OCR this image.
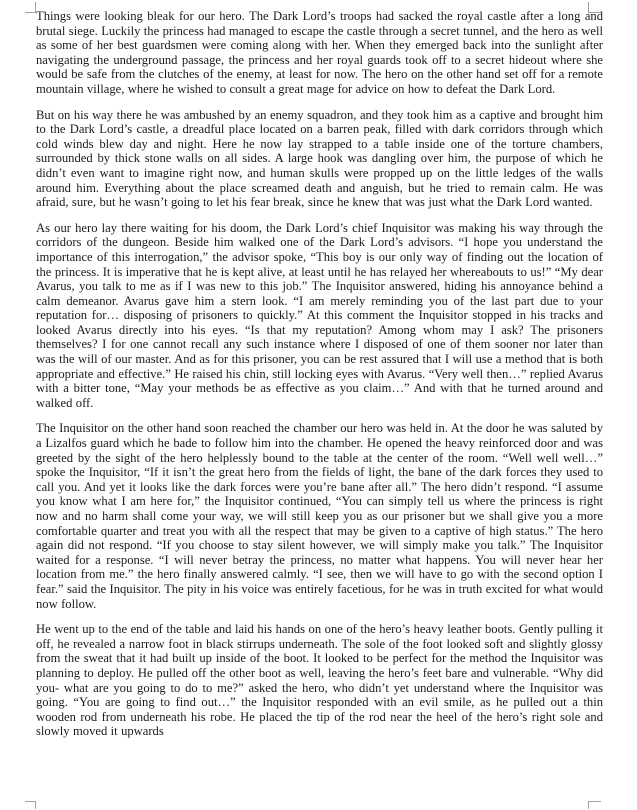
Things were looking bleak for our hero. The Dark Lord’s troops had sacked the royal castle after a long and brutal siege. Luckily the princess had managed to escape the castle through a secret tunnel, and the hero as well as some of her best guardsmen were coming along with her. When they emerged back into the sunlight after navigating the underground passage, the princess and her royal guards took off to a secret hideout where she would be safe from the clutches of the enemy, at least for now. The hero on the other hand set off for a remote mountain village, where he wished to consult a great mage for advice on how to defeat the Dark Lord.

But on his way there he was ambushed by an enemy squadron, and they took him as a captive and brought him to the Dark Lord’s castle, a dreadful place located on a barren peak, filled with dark corridors through which cold winds blew day and night. Here he now lay strapped to a table inside one of the torture chambers, surrounded by thick stone walls on all sides. A large hook was dangling over him, the purpose of which he didn’t even want to imagine right now, and human skulls were propped up on the little ledges of the walls around him. Everything about the place screamed death and anguish, but he tried to remain calm. He was afraid, sure, but he wasn’t going to let his fear break, since he knew that was just what the Dark Lord wanted.

As our hero lay there waiting for his doom, the Dark Lord’s chief Inquisitor was making his way through the corridors of the dungeon. Beside him walked one of the Dark Lord’s advisors. “I hope you understand the importance of this interrogation,” the advisor spoke, “This boy is our only way of finding out the location of the princess. It is imperative that he is kept alive, at least until he has relayed her whereabouts to us!” “My dear Avarus, you talk to me as if I was new to this job.” The Inquisitor answered, hiding his annoyance behind a calm demeanor. Avarus gave him a stern look. “I am merely reminding you of the last part due to your reputation for… disposing of prisoners to quickly.” At this comment the Inquisitor stopped in his tracks and looked Avarus directly into his eyes. “Is that my reputation? Among whom may I ask? The prisoners themselves? I for one cannot recall any such instance where I disposed of one of them sooner nor later than was the will of our master. And as for this prisoner, you can be rest assured that I will use a method that is both appropriate and effective.” He raised his chin, still locking eyes with Avarus. “Very well then…” replied Avarus with a bitter tone, “May your methods be as effective as you claim…” And with that he turned around and walked off.

The Inquisitor on the other hand soon reached the chamber our hero was held in. At the door he was saluted by a Lizalfos guard which he bade to follow him into the chamber. He opened the heavy reinforced door and was greeted by the sight of the hero helplessly bound to the table at the center of the room. “Well well well…” spoke the Inquisitor, “If it isn’t the great hero from the fields of light, the bane of the dark forces they used to call you. And yet it looks like the dark forces were you’re bane after all.” The hero didn’t respond. “I assume you know what I am here for,” the Inquisitor continued, “You can simply tell us where the princess is right now and no harm shall come your way, we will still keep you as our prisoner but we shall give you a more comfortable quarter and treat you with all the respect that may be given to a captive of high status.” The hero again did not respond. “If you choose to stay silent however, we will simply make you talk.” The Inquisitor waited for a response. “I will never betray the princess, no matter what happens. You will never hear her location from me.” the hero finally answered calmly. “I see, then we will have to go with the second option I fear.” said the Inquisitor. The pity in his voice was entirely facetious, for he was in truth excited for what would now follow.

He went up to the end of the table and laid his hands on one of the hero’s heavy leather boots. Gently pulling it off, he revealed a narrow foot in black stirrups underneath. The sole of the foot looked soft and slightly glossy from the sweat that it had built up inside of the boot. It looked to be perfect for the method the Inquisitor was planning to deploy. He pulled off the other boot as well, leaving the hero’s feet bare and vulnerable. “Why did you- what are you going to do to me?” asked the hero, who didn’t yet understand where the Inquisitor was going. “You are going to find out…” the Inquisitor responded with an evil smile, as he pulled out a thin wooden rod from underneath his robe. He placed the tip of the rod near the heel of the hero’s right sole and slowly moved it upwards
